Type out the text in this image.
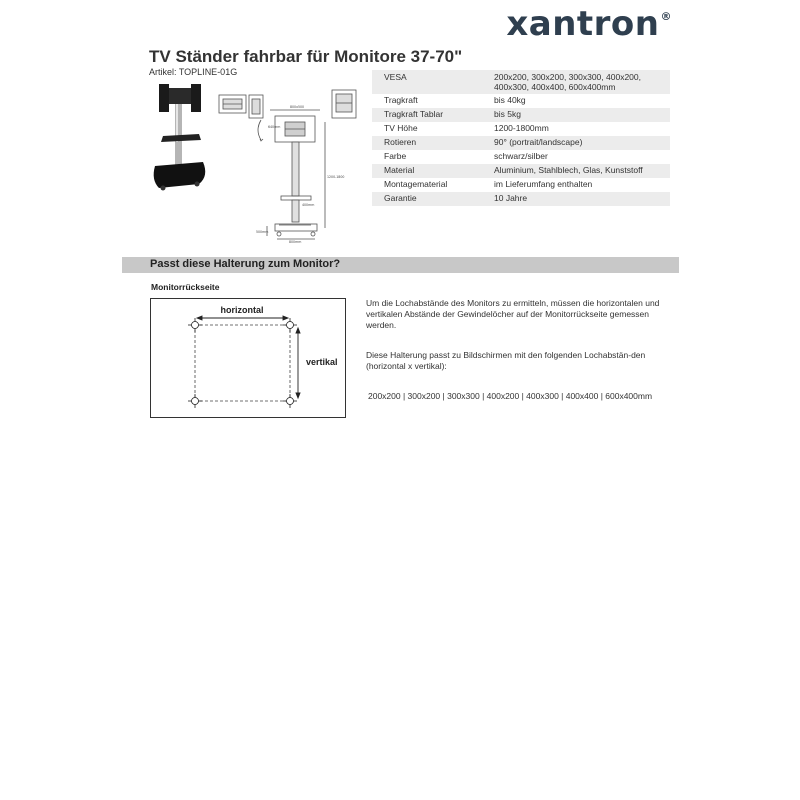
xantron®
TV Ständer fahrbar für Monitore 37-70"
Artikel: TOPLINE-01G
800x500
640mm
1200-1800
400mm
500mm
800mm
VESA	200x200, 300x200, 300x300, 400x200, 400x300, 400x400, 600x400mm
Tragkraft	bis 40kg
Tragkraft Tablar	bis 5kg
TV Höhe	1200-1800mm
Rotieren	90° (portrait/landscape)
Farbe	schwarz/silber
Material	Aluminium, Stahlblech, Glas, Kunststoff
Montagematerial	im Lieferumfang enthalten
Garantie	10 Jahre
Passt diese Halterung zum Monitor?
Monitorrückseite
horizontal
vertikal

Um die Lochabstände des Monitors zu ermitteln, müssen die horizontalen und vertikalen Abstände der Gewindelöcher auf der Monitorrückseite gemessen werden.

Diese Halterung passt zu Bildschirmen mit den folgenden Lochabstän-den (horizontal x vertikal):

200x200 | 300x200 | 300x300 | 400x200 | 400x300 | 400x400 | 600x400mm
